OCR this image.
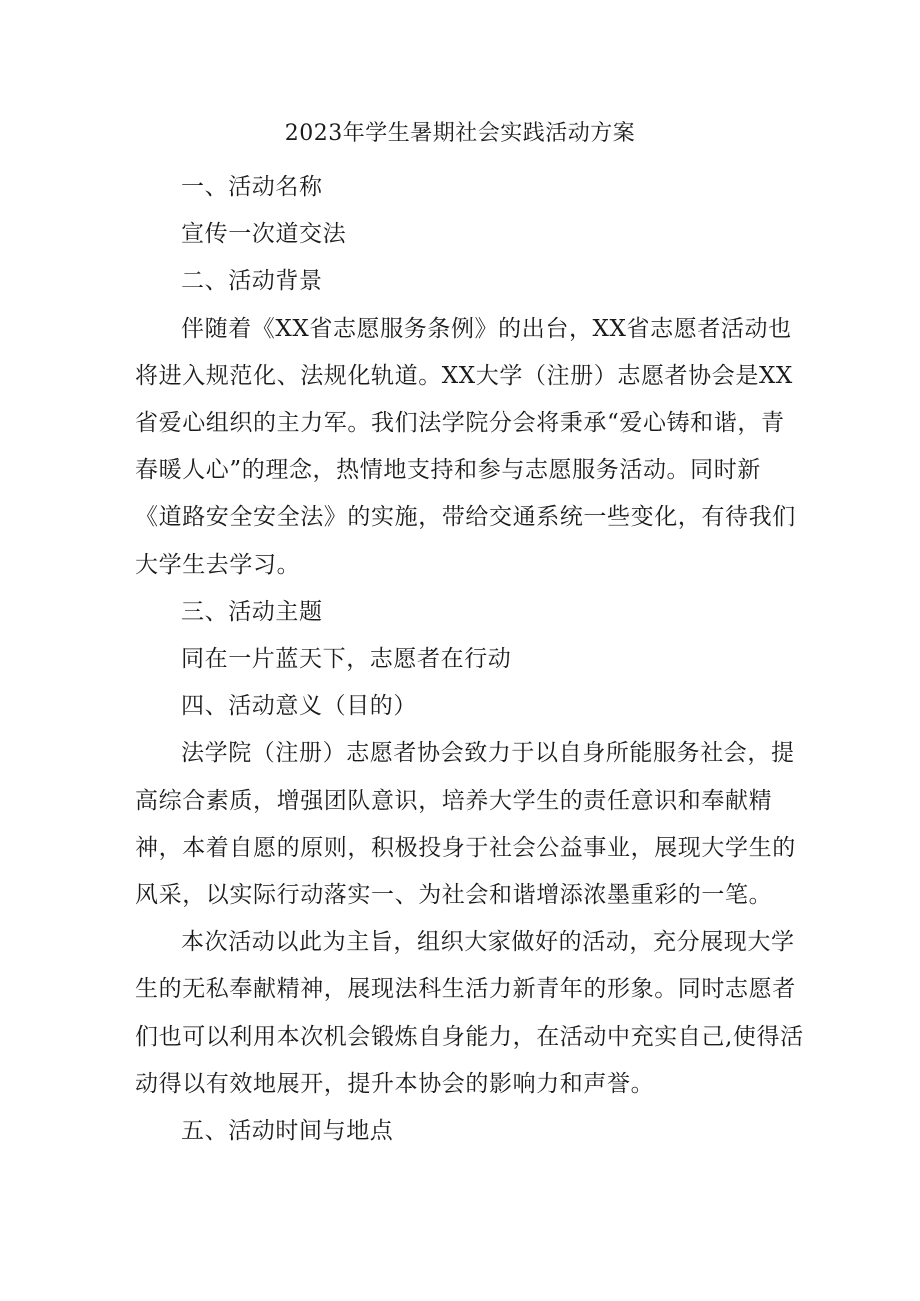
2023年学生暑期社会实践活动方案

一、活动名称

宣传一次道交法

二、活动背景

伴随着《XX省志愿服务条例》的出台，XX省志愿者活动也将进入规范化、法规化轨道。XX大学（注册）志愿者协会是XX省爱心组织的主力军。我们法学院分会将秉承“爱心铸和谐，青春暖人心”的理念，热情地支持和参与志愿服务活动。同时新《道路安全安全法》的实施，带给交通系统一些变化，有待我们大学生去学习。

三、活动主题

同在一片蓝天下，志愿者在行动

四、活动意义（目的）

法学院（注册）志愿者协会致力于以自身所能服务社会，提高综合素质，增强团队意识，培养大学生的责任意识和奉献精神，本着自愿的原则，积极投身于社会公益事业，展现大学生的风采，以实际行动落实一、为社会和谐增添浓墨重彩的一笔。

本次活动以此为主旨，组织大家做好的活动，充分展现大学生的无私奉献精神，展现法科生活力新青年的形象。同时志愿者们也可以利用本次机会锻炼自身能力，在活动中充实自己,使得活动得以有效地展开，提升本协会的影响力和声誉。

五、活动时间与地点
